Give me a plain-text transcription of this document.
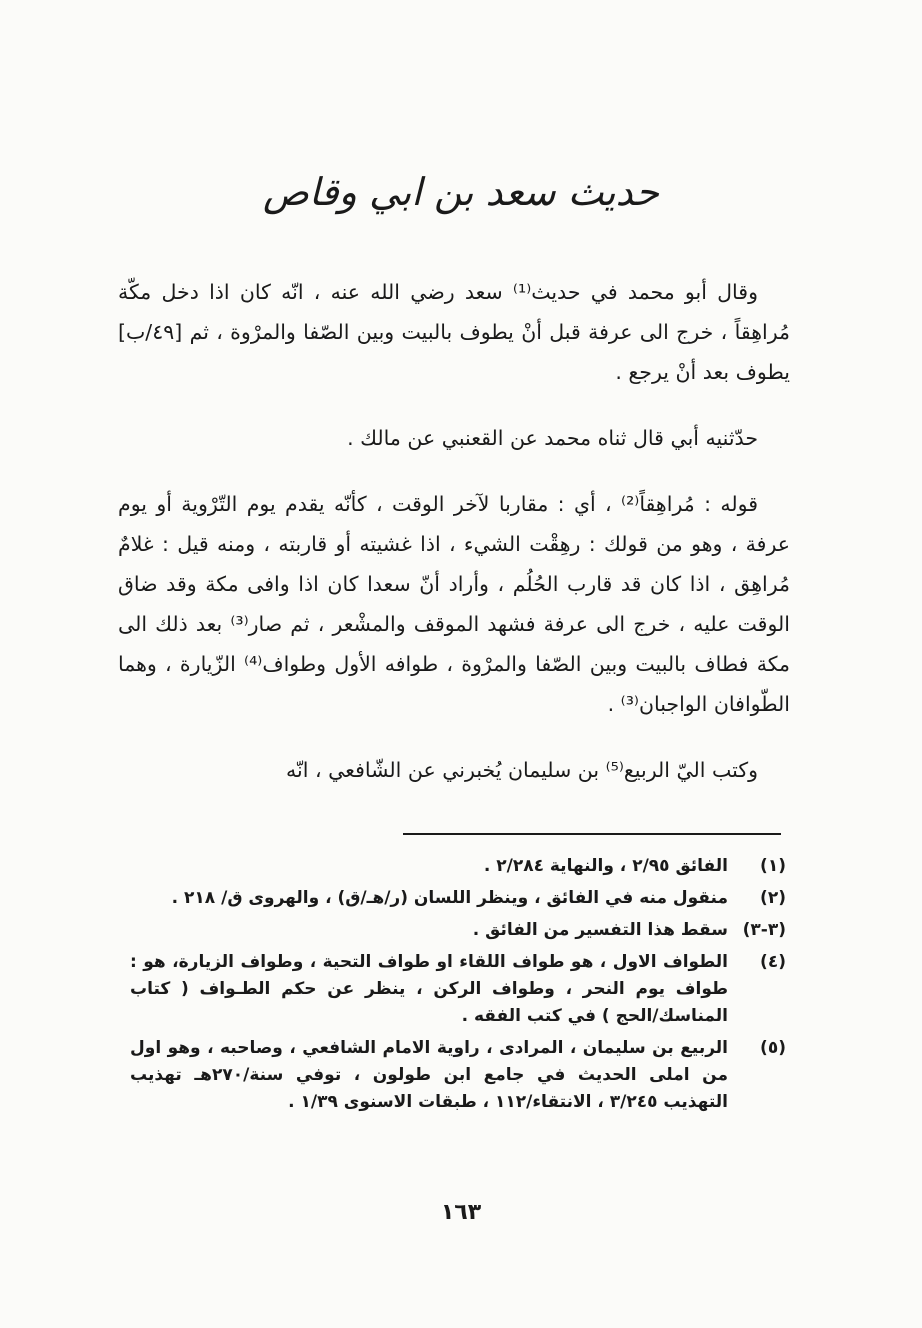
حديث سعد بن ابي وقاص

وقال أبو محمد في حديث⁽¹⁾ سعد رضي الله عنه ، انّه كان اذا دخل مكّة مُراهِقاً ، خرج الى عرفة قبل أنْ يطوف بالبيت وبين الصّفا والمرْوة ، ثم [٤٩/ب] يطوف بعد أنْ يرجع .

حدّثنيه أبي قال ثناه محمد عن القعنبي عن مالك .

قوله : مُراهِقاً⁽²⁾ ، أي : مقاربا لآخر الوقت ، كأنّه يقدم يوم التّرْوية أو يوم عرفة ، وهو من قولك : رهِقْت الشيء ، اذا غشيته أو قاربته ، ومنه قيل : غلامٌ مُراهِق ، اذا كان قد قارب الحُلُم ، وأراد أنّ سعدا كان اذا وافى مكة وقد ضاق الوقت عليه ، خرج الى عرفة فشهد الموقف والمشْعر ، ثم صار⁽³⁾ بعد ذلك الى مكة فطاف بالبيت وبين الصّفا والمرْوة ، طوافه الأول وطواف⁽⁴⁾ الزّيارة ، وهما الطّوافان الواجبان⁽³⁾ .

وكتب اليّ الربيع⁽⁵⁾ بن سليمان يُخبرني عن الشّافعي ، انّه

(١)
الفائق ٢/٩٥ ، والنهاية ٢/٢٨٤ .
(٢)
منقول منه في الفائق ، وينظر اللسان (ر/هـ/ق) ، والهروى ق/ ٢١٨ .
(٣-٣)
سقط هذا التفسير من الفائق .
(٤)
الطواف الاول ، هو طواف اللقاء او طواف التحية ، وطواف الزيارة، هو : طواف يوم النحر ، وطواف الركن ، ينظر عن حكم الطـواف ( كتاب المناسك/الحج ) في كتب الفقه .
(٥)
الربيع بن سليمان ، المرادى ، راوية الامام الشافعي ، وصاحبه ، وهو اول من املى الحديث في جامع ابن طولون ، توفي سنة/٢٧٠هـ تهذيب التهذيب ٣/٢٤٥ ، الانتقاء/١١٢ ، طبقات الاسنوى ١/٣٩ .
١٦٣
